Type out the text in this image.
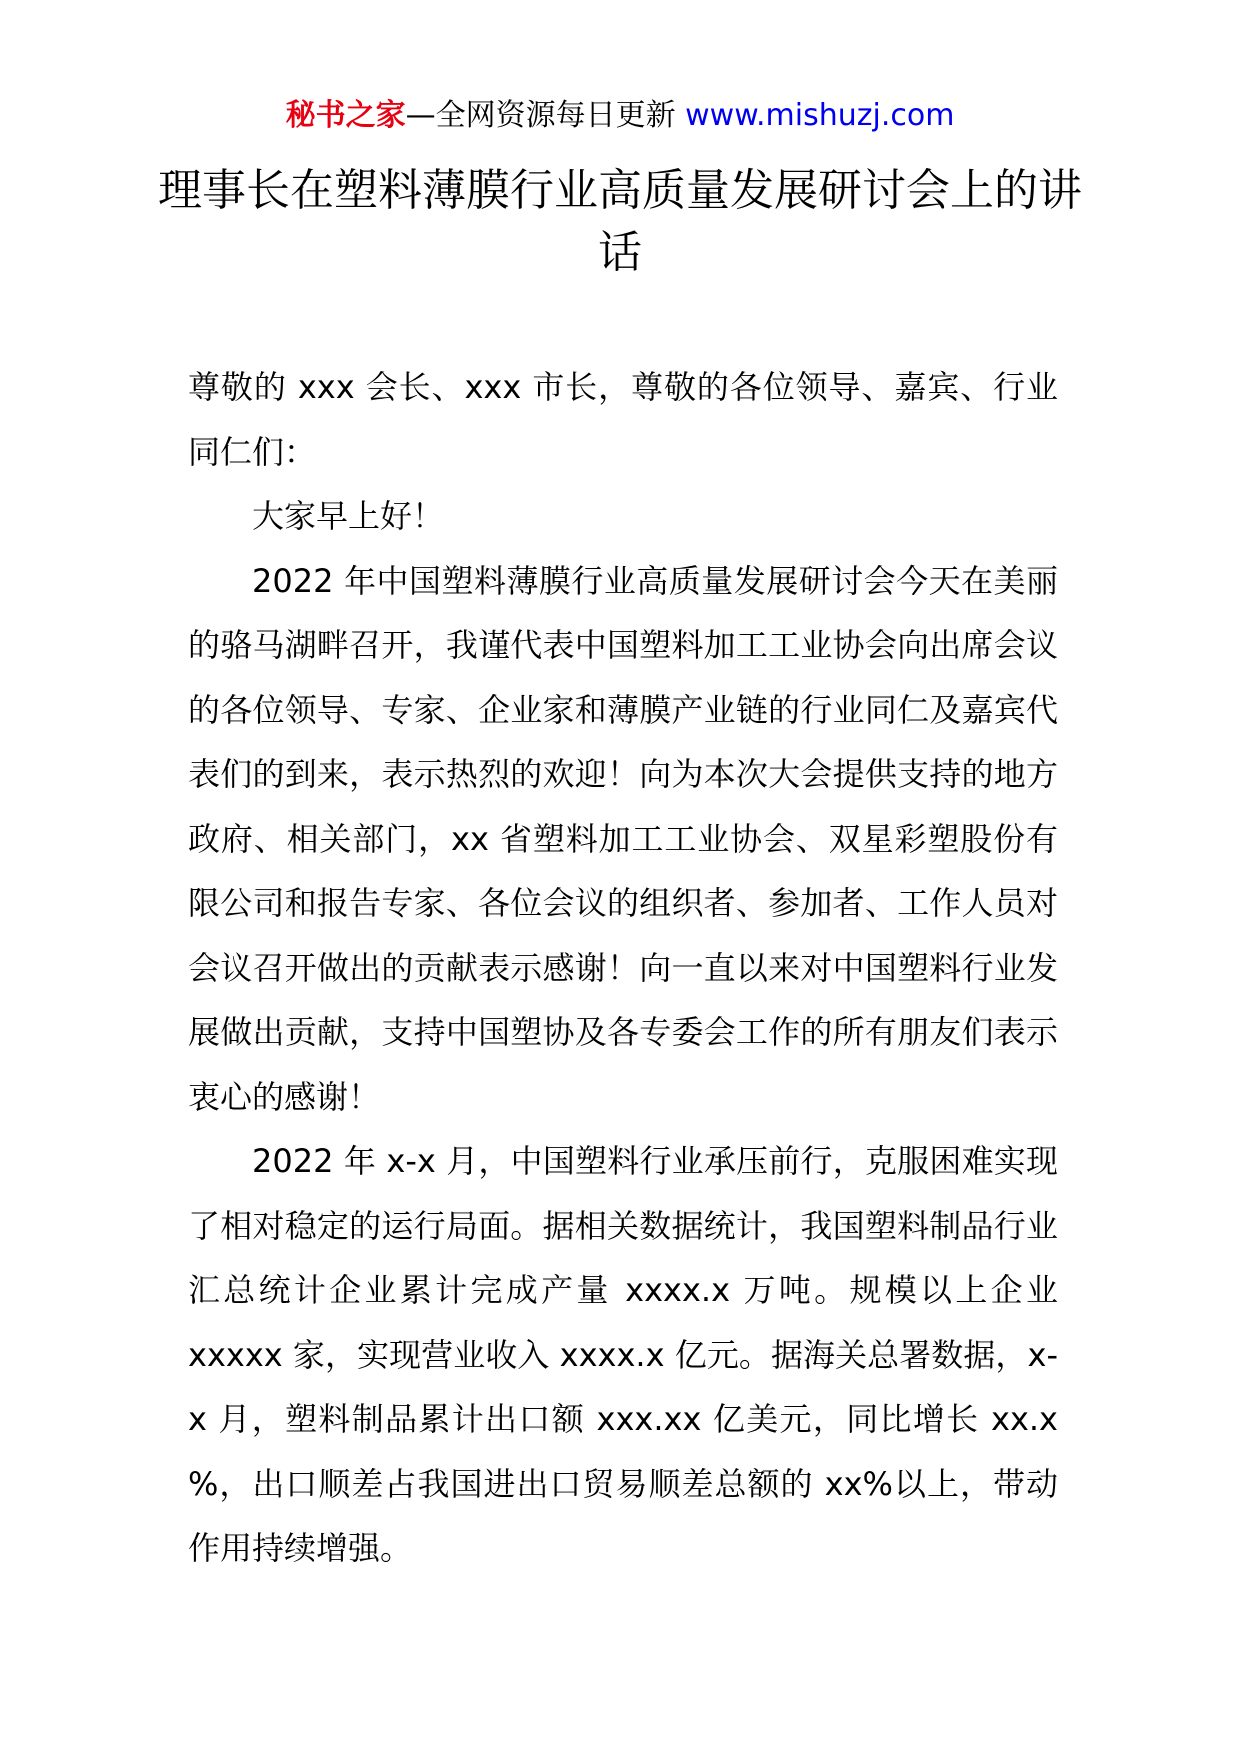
秘书之家—全网资源每日更新 www.mishuzj.com
理事长在塑料薄膜行业高质量发展研讨会上的讲话

尊敬的 xxx 会长、xxx 市长，尊敬的各位领导、嘉宾、行业同仁们：

大家早上好！

2022 年中国塑料薄膜行业高质量发展研讨会今天在美丽的骆马湖畔召开，我谨代表中国塑料加工工业协会向出席会议的各位领导、专家、企业家和薄膜产业链的行业同仁及嘉宾代表们的到来，表示热烈的欢迎！向为本次大会提供支持的地方政府、相关部门，xx 省塑料加工工业协会、双星彩塑股份有限公司和报告专家、各位会议的组织者、参加者、工作人员对会议召开做出的贡献表示感谢！向一直以来对中国塑料行业发展做出贡献，支持中国塑协及各专委会工作的所有朋友们表示衷心的感谢！

2022 年 x-x 月，中国塑料行业承压前行，克服困难实现了相对稳定的运行局面。据相关数据统计，我国塑料制品行业汇总统计企业累计完成产量 xxxx.x 万吨。规模以上企业 xxxxx 家，实现营业收入 xxxx.x 亿元。据海关总署数据，x-x 月，塑料制品累计出口额 xxx.xx 亿美元，同比增长 xx.x %，出口顺差占我国进出口贸易顺差总额的 xx%以上，带动作用持续增强。
